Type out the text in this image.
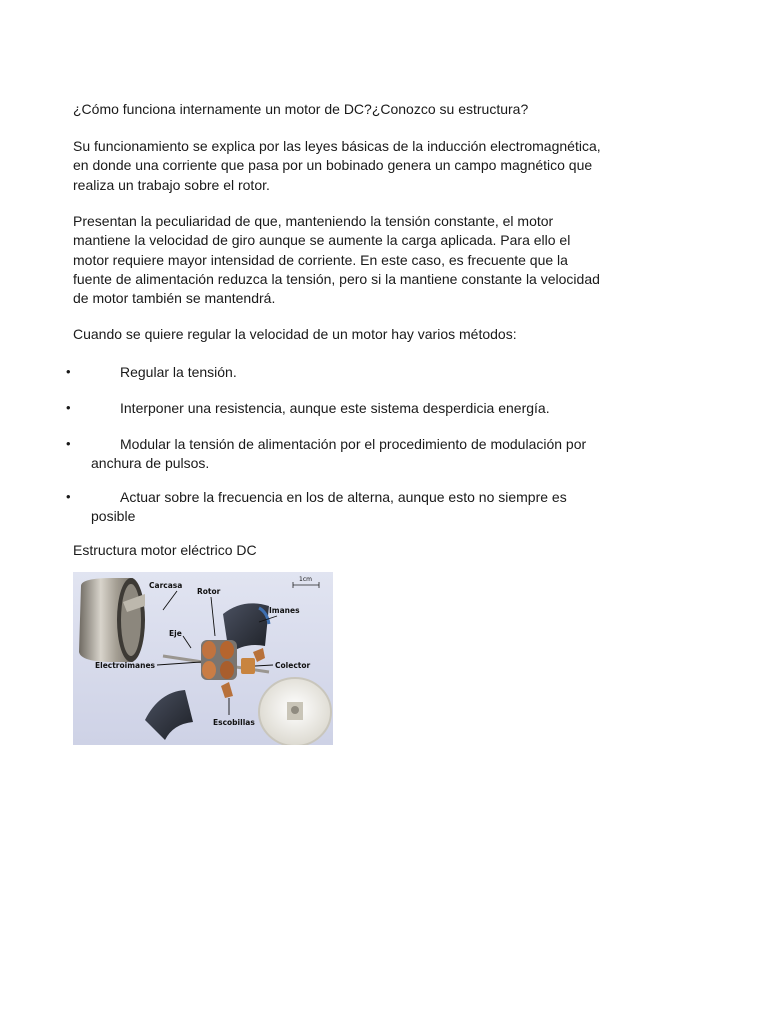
¿Cómo funciona internamente un motor de DC?¿Conozco su estructura?

Su funcionamiento se explica por las leyes básicas de la inducción electromagnética,
en donde una corriente que pasa por un bobinado genera un campo magnético que
realiza un trabajo sobre el rotor.
Presentan la peculiaridad de que, manteniendo la tensión constante, el motor
mantiene la velocidad de giro aunque se aumente la carga aplicada. Para ello el
motor requiere mayor intensidad de corriente. En este caso, es frecuente que la
fuente de alimentación reduzca la tensión, pero si la mantiene constante la velocidad
de motor también se mantendrá.

Cuando se quiere regular la velocidad de un motor hay varios métodos:

•	Regular la tensión.
•	Interponer una resistencia, aunque este sistema desperdicia energía.
•	Modular la tensión de alimentación por el procedimiento de modulación por
anchura de pulsos.
•	Actuar sobre la frecuencia en los de alterna, aunque esto no siempre es
posible

Estructura motor eléctrico DC

1cm
Carcasa
Rotor
Imanes
Eje
Electroimanes	Colector
Escobillas
